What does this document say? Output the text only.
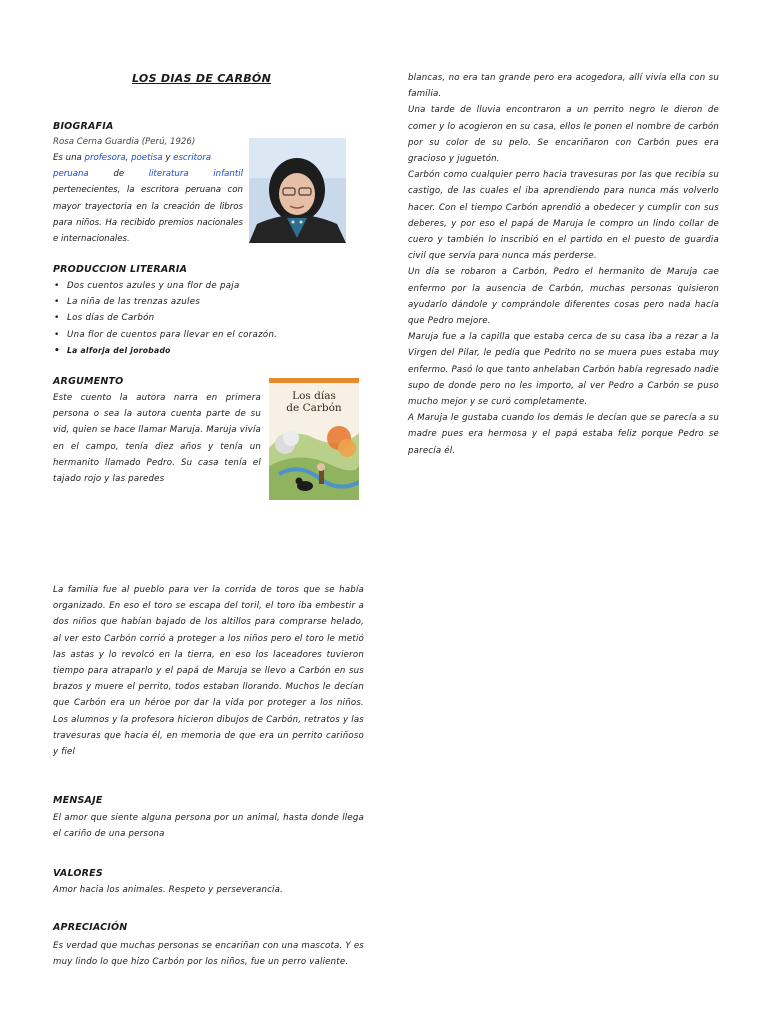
LOS DIAS DE CARBÓN
BIOGRAFIA
Rosa Cerna Guardia (Perú, 1926)
Es una profesora, poetisa y escritora
peruana	de	literatura	infantil
pertenecientes, la escritora peruana con mayor trayectoria en la creación de libros para niños. Ha recibido premios nacionales e internacionales.
PRODUCCION LITERARIA
• Dos cuentos azules y una flor de paja
• La niña de las trenzas azules
• Los días de Carbón
• Una flor de cuentos para llevar en el corazón.
• La alforja del jorobado
ARGUMENTO
Este cuento la autora narra en primera persona o sea la autora cuenta parte de su vid, quien se hace llamar Maruja. Maruja vivía en el campo, tenía diez años y tenía un hermanito llamado Pedro. Su casa tenía el tajado rojo y las paredes
Los días
de Carbón
blancas, no era tan grande pero era acogedora, allí vivía ella con su familia.
Una tarde de lluvia encontraron a un perrito negro le dieron de comer y lo acogieron en su casa, ellos le ponen el nombre de carbón por su color de su pelo. Se encariñaron con Carbón pues era gracioso y juguetón.
Carbón como cualquier perro hacia travesuras por las que recibía su castigo, de las cuales el iba aprendiendo para nunca más volverlo hacer. Con el tiempo Carbón aprendió a obedecer y cumplir con sus deberes, y por eso el papá de Maruja le compro un lindo collar de cuero y también lo inscribió en el partido en el puesto de guardia civil que servía para nunca más perderse.
Un día se robaron a Carbón, Pedro el hermanito de Maruja cae enfermo por la ausencia de Carbón, muchas personas quisieron ayudarlo dándole y comprándole diferentes cosas pero nada hacía que Pedro mejore.
Maruja fue a la capilla que estaba cerca de su casa iba a rezar a la Virgen del Pilar, le pedía que Pedrito no se muera pues estaba muy enfermo. Pasó lo que tanto anhelaban Carbón había regresado nadie supo de donde pero no les importo, al ver Pedro a Carbón se puso mucho mejor y se curó completamente.
A Maruja le gustaba cuando los demás le decían que se parecía a su madre pues era hermosa y el papá estaba feliz porque Pedro se parecía él.
La familia fue al pueblo para ver la corrida de toros que se había organizado. En eso el toro se escapa del toril, el toro iba embestir a dos niños que habían bajado de los altillos para comprarse helado, al ver esto Carbón corrió a proteger a los niños pero el toro le metió las astas y lo revolcó en la tierra, en eso los laceadores tuvieron tiempo para atraparlo y el papá de Maruja se llevo a Carbón en sus brazos y muere el perrito, todos estaban llorando. Muchos le decían que Carbón era un héroe por dar la vida por proteger a los niños. Los alumnos y la profesora hicieron dibujos de Carbón, retratos y las travesuras que hacia él, en memoria de que era un perrito cariñoso y fiel
MENSAJE
El amor que siente alguna persona por un animal, hasta donde llega el cariño de una persona
VALORES
Amor hacia los animales. Respeto y perseverancia.
APRECIACIÓN
Es verdad que muchas personas se encariñan con una mascota. Y es muy lindo lo que hizo Carbón por los niños, fue un perro valiente.
